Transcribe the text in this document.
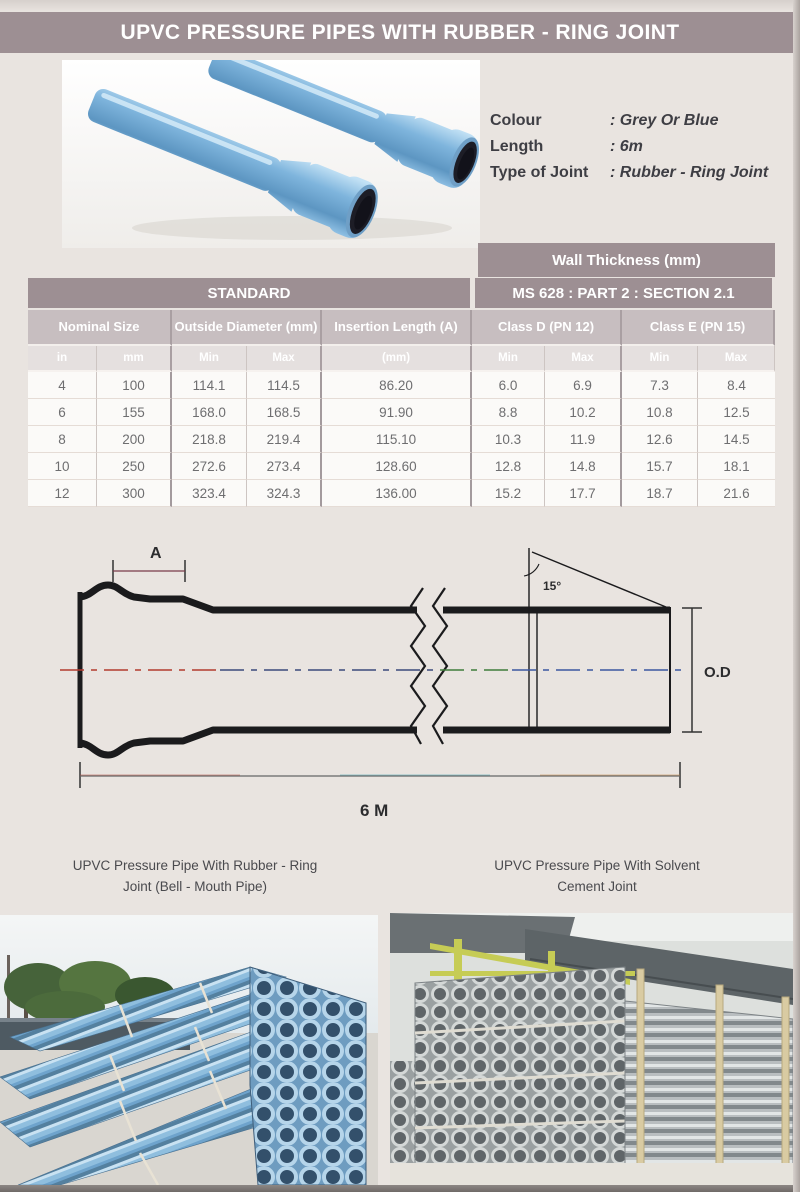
UPVC PRESSURE PIPES WITH RUBBER - RING JOINT
Colour	: Grey Or Blue
Length	: 6m
Type of Joint	: Rubber - Ring Joint
Wall Thickness (mm)
STANDARD	MS 628 : PART 2 : SECTION 2.1
Nominal Size	Outside Diameter (mm)	Insertion Length (A)	Class D (PN 12)	Class E (PN 15)
in	mm	Min	Max	(mm)	Min	Max	Min	Max
4	100	114.1	114.5	86.20	6.0	6.9	7.3	8.4
6	155	168.0	168.5	91.90	8.8	10.2	10.8	12.5
8	200	218.8	219.4	115.10	10.3	11.9	12.6	14.5
10	250	272.6	273.4	128.60	12.8	14.8	15.7	18.1
12	300	323.4	324.3	136.00	15.2	17.7	18.7	21.6
A
15°
O.D
6 M
UPVC Pressure Pipe With Rubber - Ring
Joint (Bell - Mouth Pipe)
UPVC Pressure Pipe With Solvent
Cement Joint
